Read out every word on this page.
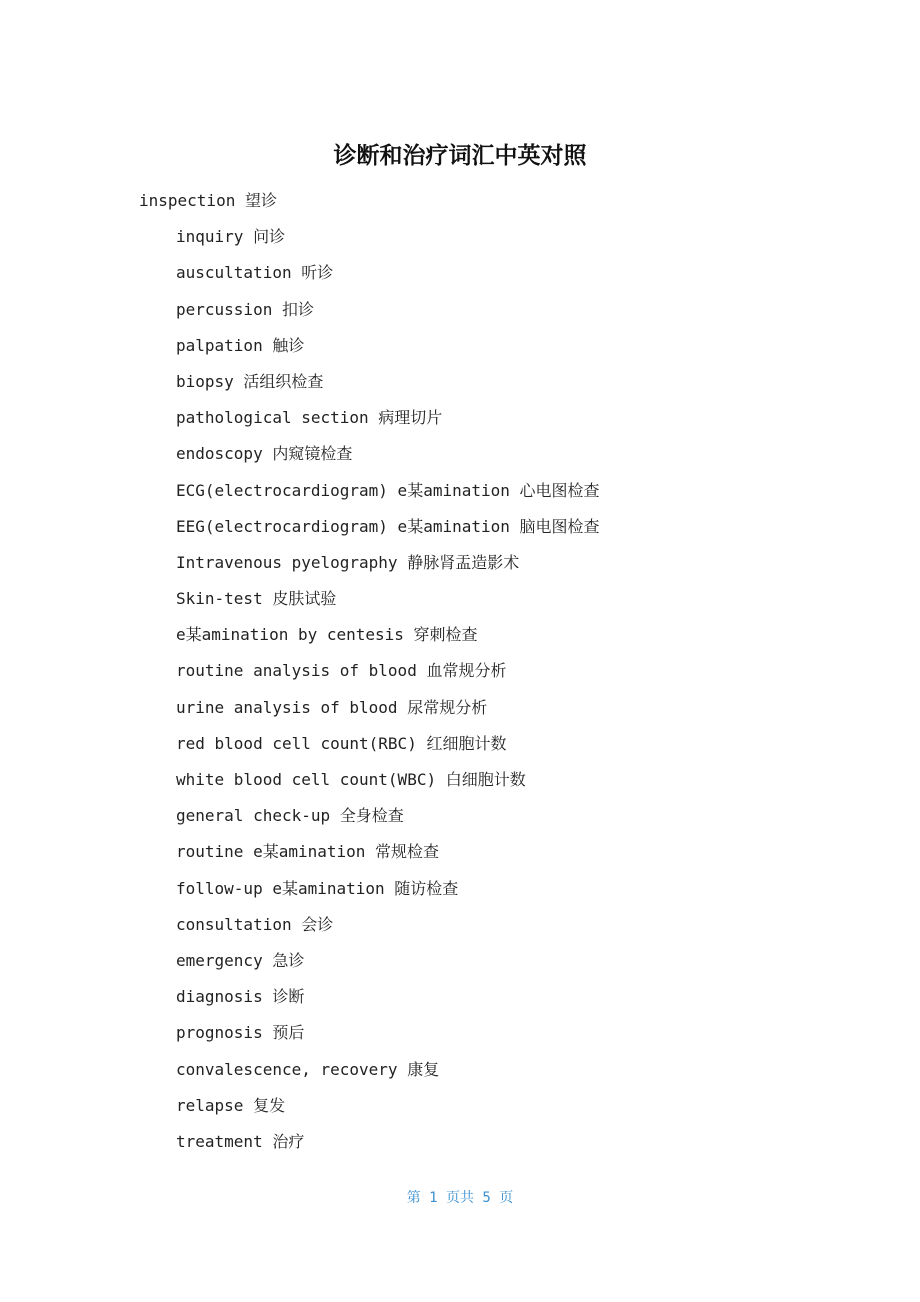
诊断和治疗词汇中英对照
inspection 望诊
inquiry 问诊
auscultation 听诊
percussion 扣诊
palpation 触诊
biopsy 活组织检查
pathological section 病理切片
endoscopy 内窥镜检查
ECG(electrocardiogram) e某amination 心电图检查
EEG(electrocardiogram) e某amination 脑电图检查
Intravenous pyelography 静脉肾盂造影术
Skin-test 皮肤试验
e某amination by centesis 穿刺检查
routine analysis of blood 血常规分析
urine analysis of blood 尿常规分析
red blood cell count(RBC) 红细胞计数
white blood cell count(WBC) 白细胞计数
general check-up 全身检查
routine e某amination 常规检查
follow-up e某amination 随访检查
consultation 会诊
emergency 急诊
diagnosis 诊断
prognosis 预后
convalescence, recovery 康复
relapse 复发
treatment 治疗
第 1 页共 5 页
